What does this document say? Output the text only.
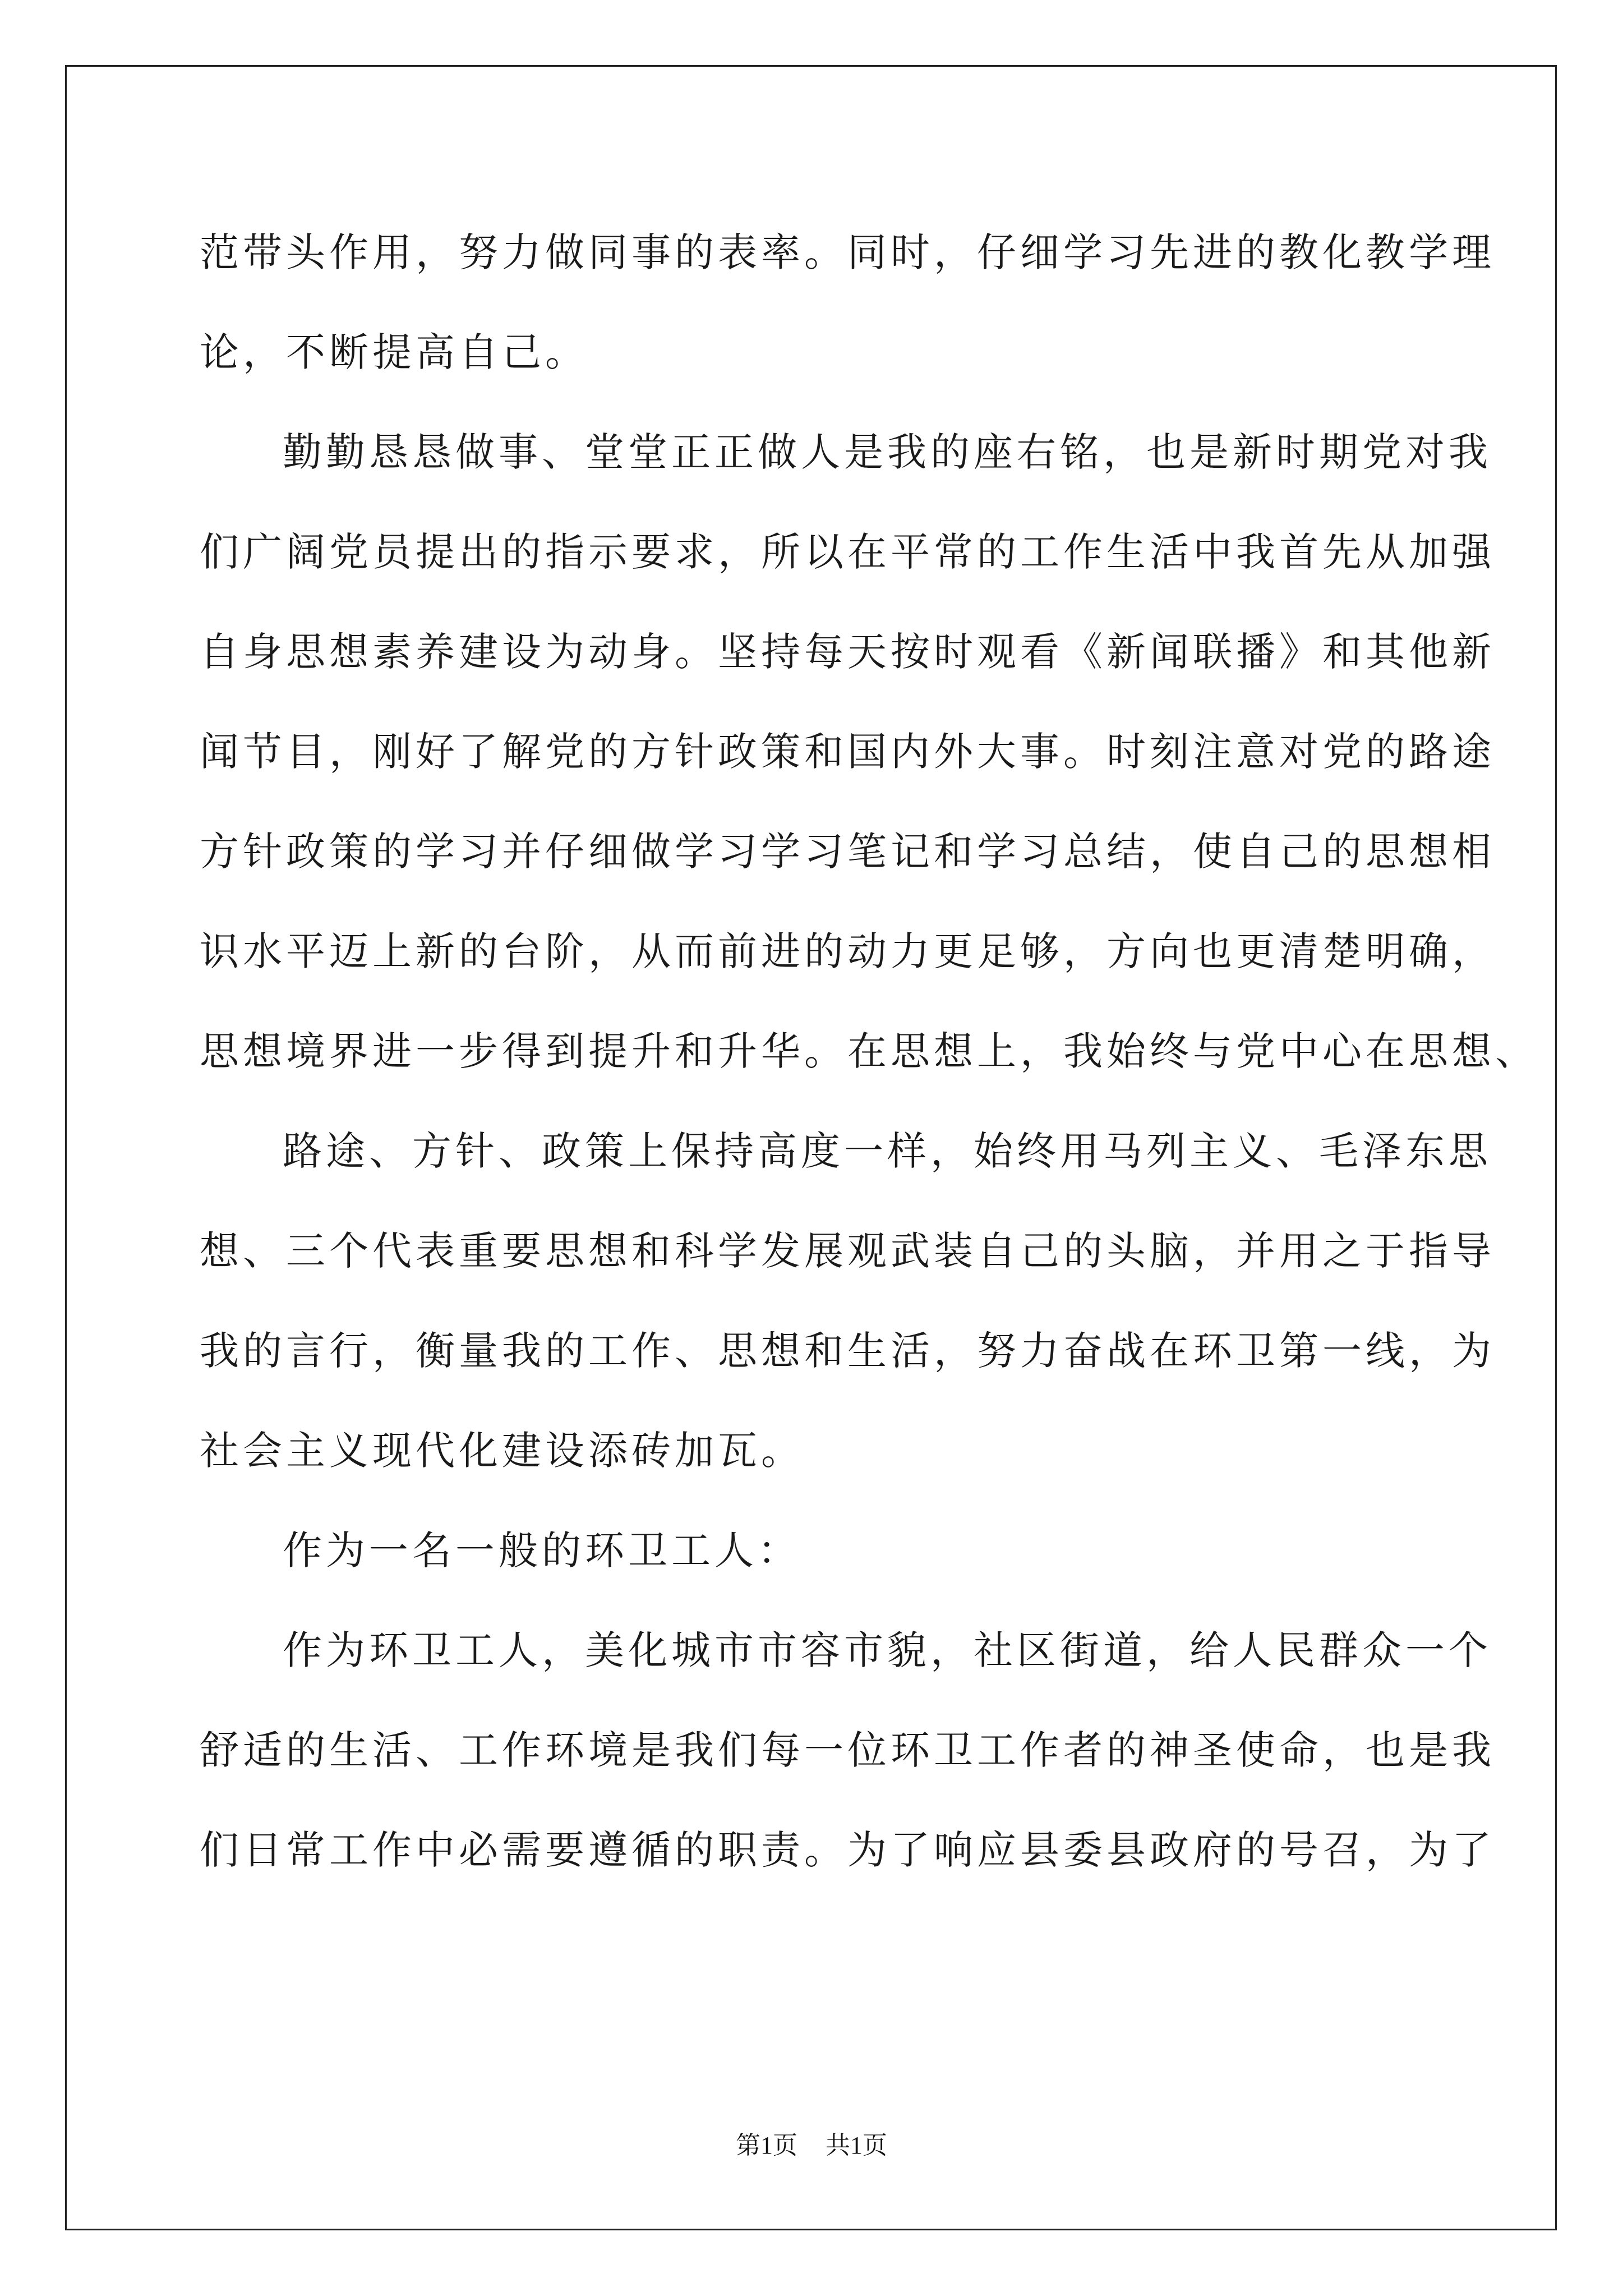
范带头作用，努力做同事的表率。同时，仔细学习先进的教化教学理
论，不断提高自己。
勤勤恳恳做事、堂堂正正做人是我的座右铭，也是新时期党对我
们广阔党员提出的指示要求，所以在平常的工作生活中我首先从加强
自身思想素养建设为动身。坚持每天按时观看《新闻联播》和其他新
闻节目，刚好了解党的方针政策和国内外大事。时刻注意对党的路途
方针政策的学习并仔细做学习学习笔记和学习总结，使自己的思想相
识水平迈上新的台阶，从而前进的动力更足够，方向也更清楚明确，
思想境界进一步得到提升和升华。在思想上，我始终与党中心在思想、
路途、方针、政策上保持高度一样，始终用马列主义、毛泽东思
想、三个代表重要思想和科学发展观武装自己的头脑，并用之于指导
我的言行，衡量我的工作、思想和生活，努力奋战在环卫第一线，为
社会主义现代化建设添砖加瓦。
作为一名一般的环卫工人：
作为环卫工人，美化城市市容市貌，社区街道，给人民群众一个
舒适的生活、工作环境是我们每一位环卫工作者的神圣使命，也是我
们日常工作中必需要遵循的职责。为了响应县委县政府的号召，为了
第1页 共1页
